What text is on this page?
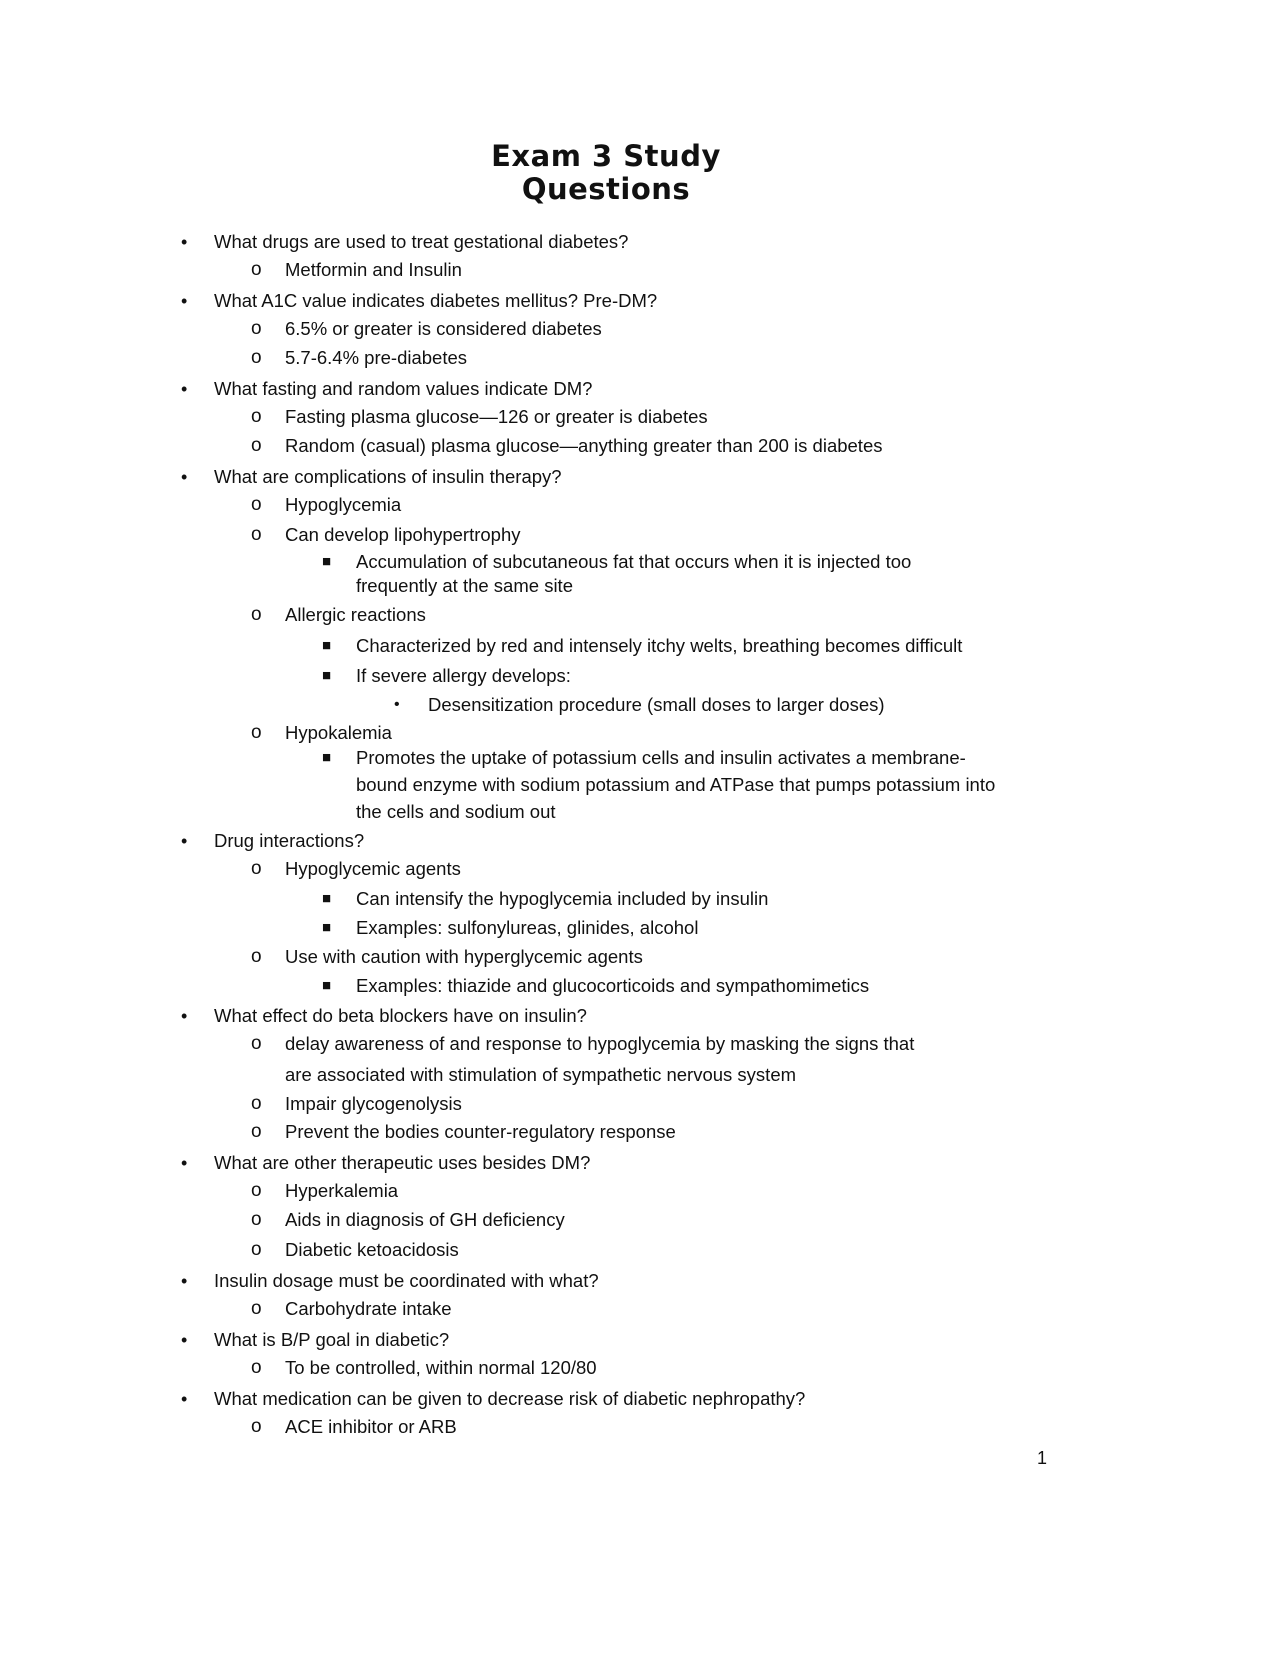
Exam 3 Study
Questions
• What drugs are used to treat gestational diabetes?
o Metformin and Insulin
• What A1C value indicates diabetes mellitus? Pre-DM?
o 6.5% or greater is considered diabetes
o 5.7-6.4% pre-diabetes
• What fasting and random values indicate DM?
o Fasting plasma glucose—126 or greater is diabetes
o Random (casual) plasma glucose—anything greater than 200 is diabetes
• What are complications of insulin therapy?
o Hypoglycemia
o Can develop lipohypertrophy
■ Accumulation of subcutaneous fat that occurs when it is injected too
frequently at the same site
o Allergic reactions
■ Characterized by red and intensely itchy welts, breathing becomes difficult
■ If severe allergy develops:
• Desensitization procedure (small doses to larger doses)
o Hypokalemia
■ Promotes the uptake of potassium cells and insulin activates a membrane-
bound enzyme with sodium potassium and ATPase that pumps potassium into
the cells and sodium out
• Drug interactions?
o Hypoglycemic agents
■ Can intensify the hypoglycemia included by insulin
■ Examples: sulfonylureas, glinides, alcohol
o Use with caution with hyperglycemic agents
■ Examples: thiazide and glucocorticoids and sympathomimetics
• What effect do beta blockers have on insulin?
o delay awareness of and response to hypoglycemia by masking the signs that
are associated with stimulation of sympathetic nervous system
o Impair glycogenolysis
o Prevent the bodies counter-regulatory response
• What are other therapeutic uses besides DM?
o Hyperkalemia
o Aids in diagnosis of GH deficiency
o Diabetic ketoacidosis
• Insulin dosage must be coordinated with what?
o Carbohydrate intake
• What is B/P goal in diabetic?
o To be controlled, within normal 120/80
• What medication can be given to decrease risk of diabetic nephropathy?
o ACE inhibitor or ARB
1
